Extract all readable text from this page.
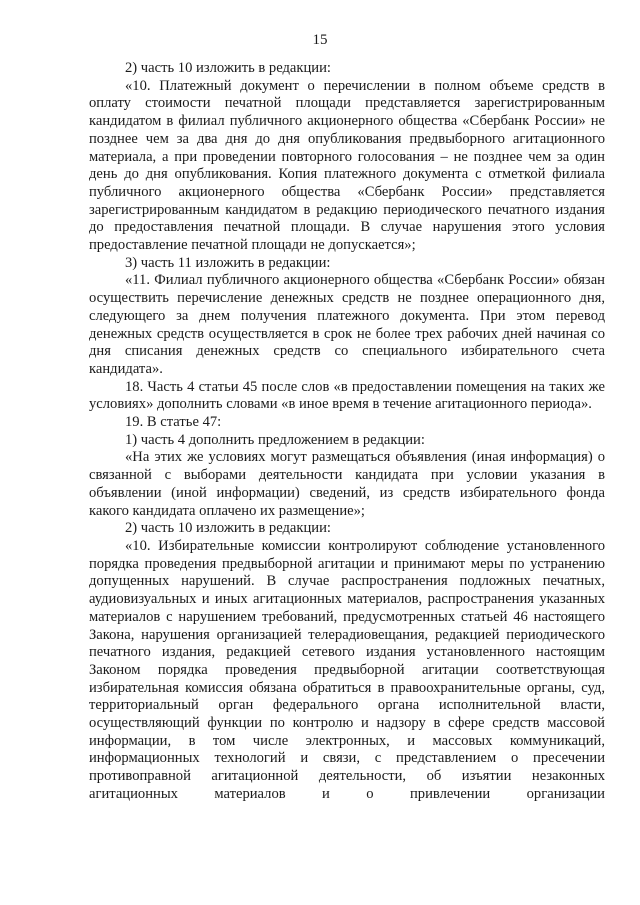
15

2) часть 10 изложить в редакции:

«10. Платежный документ о перечислении в полном объеме средств в оплату стоимости печатной площади представляется зарегистрированным кандидатом в филиал публичного акционерного общества «Сбербанк России» не позднее чем за два дня до дня опубликования предвыборного агитационного материала, а при проведении повторного голосования – не позднее чем за один день до дня опубликования. Копия платежного документа с отметкой филиала публичного акционерного общества «Сбербанк России» представляется зарегистрированным кандидатом в редакцию периодического печатного издания до предоставления печатной площади. В случае нарушения этого условия предоставление печатной площади не допускается»;

3) часть 11 изложить в редакции:

«11. Филиал публичного акционерного общества «Сбербанк России» обязан осуществить перечисление денежных средств не позднее операционного дня, следующего за днем получения платежного документа. При этом перевод денежных средств осуществляется в срок не более трех рабочих дней начиная со дня списания денежных средств со специального избирательного счета кандидата».

18. Часть 4 статьи 45 после слов «в предоставлении помещения на таких же условиях» дополнить словами «в иное время в течение агитационного периода».

19. В статье 47:

1) часть 4 дополнить предложением в редакции:

«На этих же условиях могут размещаться объявления (иная информация) о связанной с выборами деятельности кандидата при условии указания в объявлении (иной информации) сведений, из средств избирательного фонда какого кандидата оплачено их размещение»;

2) часть 10 изложить в редакции:

«10. Избирательные комиссии контролируют соблюдение установленного порядка проведения предвыборной агитации и принимают меры по устранению допущенных нарушений. В случае распространения подложных печатных, аудиовизуальных и иных агитационных материалов, распространения указанных материалов с нарушением требований, предусмотренных статьей 46 настоящего Закона, нарушения организацией телерадиовещания, редакцией периодического печатного издания, редакцией сетевого издания установленного настоящим Законом порядка проведения предвыборной агитации соответствующая избирательная комиссия обязана обратиться в правоохранительные органы, суд, территориальный орган федерального органа исполнительной власти, осуществляющий функции по контролю и надзору в сфере средств массовой информации, в том числе электронных, и массовых коммуникаций, информационных технологий и связи, с представлением о пресечении противоправной агитационной деятельности, об изъятии незаконных агитационных материалов и о привлечении организации
